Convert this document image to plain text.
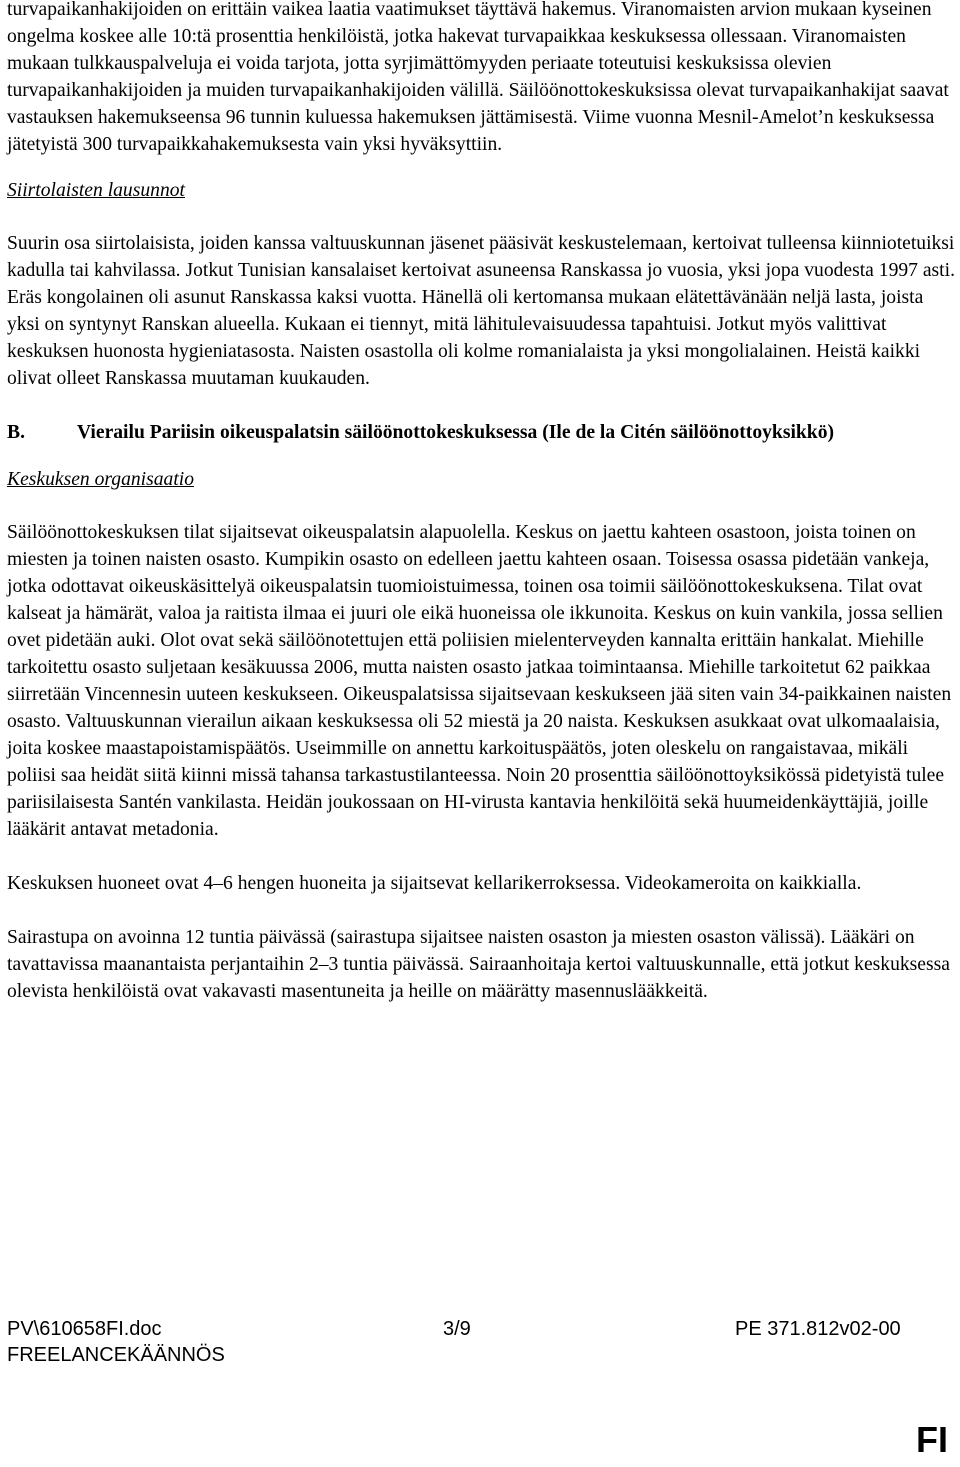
turvapaikanhakijoiden on erittäin vaikea laatia vaatimukset täyttävä hakemus. Viranomaisten arvion mukaan kyseinen ongelma koskee alle 10:tä prosenttia henkilöistä, jotka hakevat turvapaikkaa keskuksessa ollessaan. Viranomaisten mukaan tulkkauspalveluja ei voida tarjota, jotta syrjimättömyyden periaate toteutuisi keskuksissa olevien turvapaikanhakijoiden ja muiden turvapaikanhakijoiden välillä. Säilöönottokeskuksissa olevat turvapaikanhakijat saavat vastauksen hakemukseensa 96 tunnin kuluessa hakemuksen jättämisestä. Viime vuonna Mesnil-Amelot’n keskuksessa jätetyistä 300 turvapaikkahakemuksesta vain yksi hyväksyttiin.

Siirtolaisten lausunnot

Suurin osa siirtolaisista, joiden kanssa valtuuskunnan jäsenet pääsivät keskustelemaan, kertoivat tulleensa kiinniotetuiksi kadulla tai kahvilassa. Jotkut Tunisian kansalaiset kertoivat asuneensa Ranskassa jo vuosia, yksi jopa vuodesta 1997 asti. Eräs kongolainen oli asunut Ranskassa kaksi vuotta. Hänellä oli kertomansa mukaan elätettävänään neljä lasta, joista yksi on syntynyt Ranskan alueella. Kukaan ei tiennyt, mitä lähitulevaisuudessa tapahtuisi. Jotkut myös valittivat keskuksen huonosta hygieniatasosta. Naisten osastolla oli kolme romanialaista ja yksi mongolialainen. Heistä kaikki olivat olleet Ranskassa muutaman kuukauden.

B.	Vierailu Pariisin oikeuspalatsin säilöönottokeskuksessa (Ile de la Citén säilöönottoyksikkö)

Keskuksen organisaatio

Säilöönottokeskuksen tilat sijaitsevat oikeuspalatsin alapuolella. Keskus on jaettu kahteen osastoon, joista toinen on miesten ja toinen naisten osasto. Kumpikin osasto on edelleen jaettu kahteen osaan. Toisessa osassa pidetään vankeja, jotka odottavat oikeuskäsittelyä oikeuspalatsin tuomioistuimessa, toinen osa toimii säilöönottokeskuksena. Tilat ovat kalseat ja hämärät, valoa ja raitista ilmaa ei juuri ole eikä huoneissa ole ikkunoita. Keskus on kuin vankila, jossa sellien ovet pidetään auki. Olot ovat sekä säilöönotettujen että poliisien mielenterveyden kannalta erittäin hankalat. Miehille tarkoitettu osasto suljetaan kesäkuussa 2006, mutta naisten osasto jatkaa toimintaansa. Miehille tarkoitetut 62 paikkaa siirretään Vincennesin uuteen keskukseen. Oikeuspalatsissa sijaitsevaan keskukseen jää siten vain 34-paikkainen naisten osasto. Valtuuskunnan vierailun aikaan keskuksessa oli 52 miestä ja 20 naista. Keskuksen asukkaat ovat ulkomaalaisia, joita koskee maastapoistamispäätös. Useimmille on annettu karkoituspäätös, joten oleskelu on rangaistavaa, mikäli poliisi saa heidät siitä kiinni missä tahansa tarkastustilanteessa. Noin 20 prosenttia säilöönottoyksikössä pidetyistä tulee pariisilaisesta Santén vankilasta. Heidän joukossaan on HI-virusta kantavia henkilöitä sekä huumeidenkäyttäjiä, joille lääkärit antavat metadonia.

Keskuksen huoneet ovat 4–6 hengen huoneita ja sijaitsevat kellarikerroksessa. Videokameroita on kaikkialla.

Sairastupa on avoinna 12 tuntia päivässä (sairastupa sijaitsee naisten osaston ja miesten osaston välissä). Lääkäri on tavattavissa maanantaista perjantaihin 2–3 tuntia päivässä. Sairaanhoitaja kertoi valtuuskunnalle, että jotkut keskuksessa olevista henkilöistä ovat vakavasti masentuneita ja heille on määrätty masennuslääkkeitä.

PV\610658FI.doc	3/9	PE 371.812v02-00
FREELANCEKÄÄNNÖS
FI
